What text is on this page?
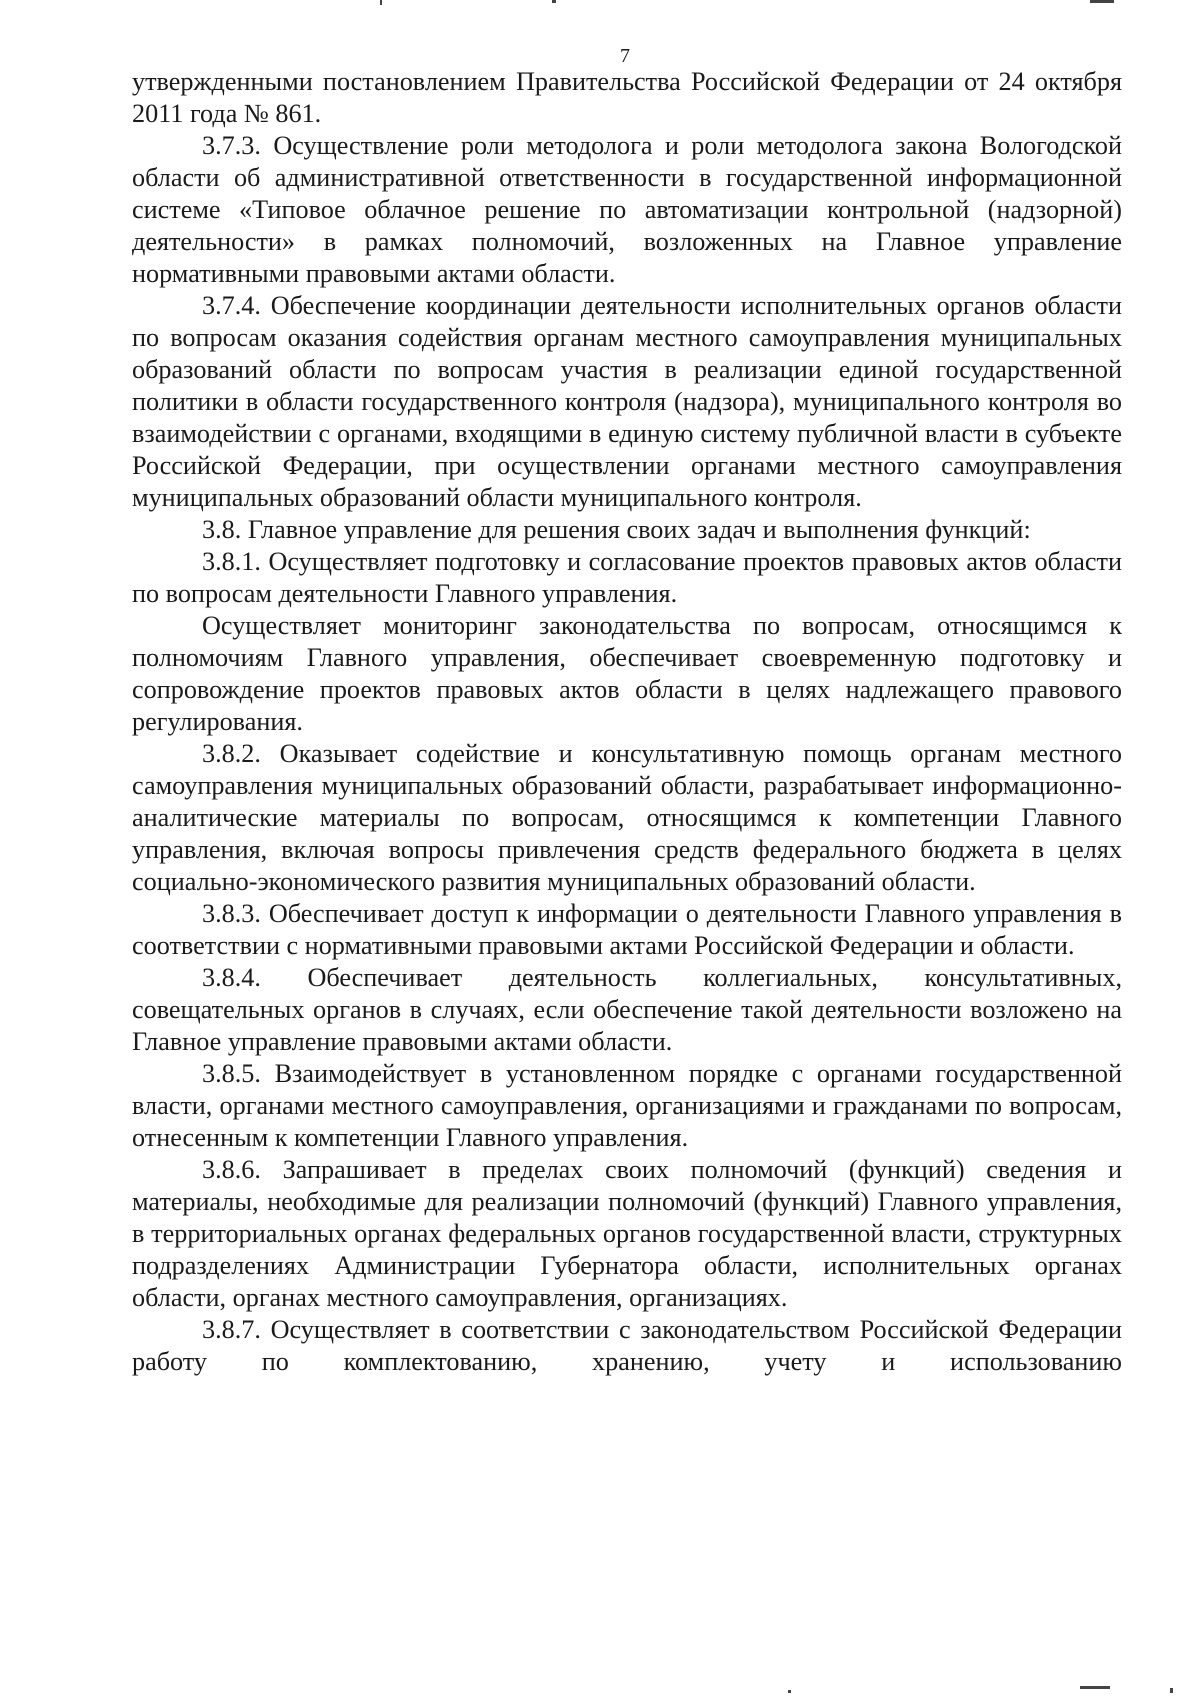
7

утвержденными постановлением Правительства Российской Федерации от 24 октября 2011 года № 861.

3.7.3. Осуществление роли методолога и роли методолога закона Вологодской области об административной ответственности в государственной информационной системе «Типовое облачное решение по автоматизации контрольной (надзорной) деятельности» в рамках полномочий, возложенных на Главное управление нормативными правовыми актами области.

3.7.4. Обеспечение координации деятельности исполнительных органов области по вопросам оказания содействия органам местного самоуправления муниципальных образований области по вопросам участия в реализации единой государственной политики в области государственного контроля (надзора), муниципального контроля во взаимодействии с органами, входящими в единую систему публичной власти в субъекте Российской Федерации, при осуществлении органами местного самоуправления муниципальных образований области муниципального контроля.

3.8. Главное управление для решения своих задач и выполнения функций:

3.8.1. Осуществляет подготовку и согласование проектов правовых актов области по вопросам деятельности Главного управления.

Осуществляет мониторинг законодательства по вопросам, относящимся к полномочиям Главного управления, обеспечивает своевременную подготовку и сопровождение проектов правовых актов области в целях надлежащего правового регулирования.

3.8.2. Оказывает содействие и консультативную помощь органам местного самоуправления муниципальных образований области, разрабатывает информационно-аналитические материалы по вопросам, относящимся к компетенции Главного управления, включая вопросы привлечения средств федерального бюджета в целях социально-экономического развития муниципальных образований области.

3.8.3. Обеспечивает доступ к информации о деятельности Главного управления в соответствии с нормативными правовыми актами Российской Федерации и области.

3.8.4. Обеспечивает деятельность коллегиальных, консультативных, совещательных органов в случаях, если обеспечение такой деятельности возложено на Главное управление правовыми актами области.

3.8.5. Взаимодействует в установленном порядке с органами государственной власти, органами местного самоуправления, организациями и гражданами по вопросам, отнесенным к компетенции Главного управления.

3.8.6. Запрашивает в пределах своих полномочий (функций) сведения и материалы, необходимые для реализации полномочий (функций) Главного управления, в территориальных органах федеральных органов государственной власти, структурных подразделениях Администрации Губернатора области, исполнительных органах области, органах местного самоуправления, организациях.

3.8.7. Осуществляет в соответствии с законодательством Российской Федерации работу по комплектованию, хранению, учету и использованию
